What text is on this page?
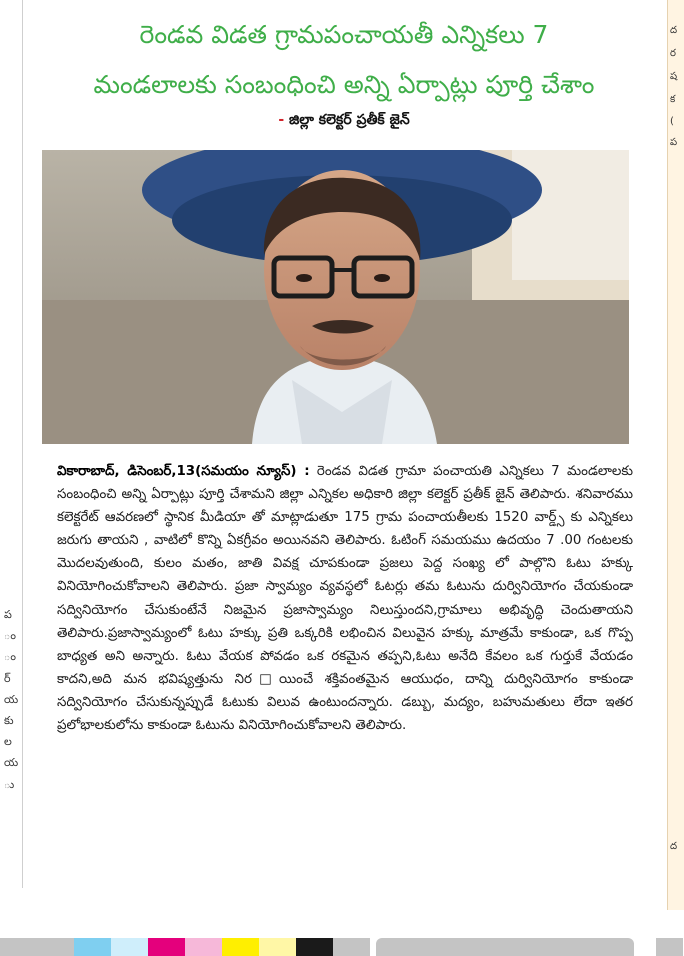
ప
ం
ం
ర్
య
కు
ల
య
ు
ద
ర
ష
క
(
ప
ద
రెండవ విడత గ్రామపంచాయతీ ఎన్నికలు 7
మండలాలకు సంబంధించి అన్ని ఏర్పాట్లు పూర్తి చేశాం
- జిల్లా కలెక్టర్ ప్రతీక్ జైన్

వికారాబాద్, డిసెంబర్,13(సమయం న్యూస్) : రెండవ విడత గ్రామా పంచాయతి ఎన్నికలు 7 మండలాలకు సంబంధించి అన్ని ఏర్పాట్లు పూర్తి చేశామని జిల్లా ఎన్నికల అధికారి జిల్లా కలెక్టర్ ప్రతీక్ జైన్ తెలిపారు. శనివారము కలెక్టరేట్ ఆవరణలో స్థానిక మీడియా తో మాట్లాడుతూ 175 గ్రామ పంచాయతీలకు 1520 వార్డ్స్ కు ఎన్నికలు జరుగు తాయని , వాటిలో కొన్ని ఏకగ్రీవం అయినవని తెలిపారు. ఓటింగ్ సమయము ఉదయం 7 .00 గంటలకు మొదలవుతుంది, కులం మతం, జాతి వివక్ష చూపకుండా ప్రజలు పెద్ద సంఖ్య లో పాల్గొని ఓటు హక్కు వినియోగించుకోవాలని తెలిపారు. ప్రజా స్వామ్యం వ్యవస్థలో ఓటర్లు తమ ఓటును దుర్వినియోగం చేయకుండా సద్వినియోగం చేసుకుంటేనే నిజమైన ప్రజాస్వామ్యం నిలుస్తుందని,గ్రామాలు అభివృద్ధి చెందుతాయని తెలిపారు.ప్రజాస్వామ్యంలో ఓటు హక్కు ప్రతి ఒక్కరికి లభించిన విలువైన హక్కు మాత్రమే కాకుండా, ఒక గొప్ప బాధ్యత అని అన్నారు. ఓటు వేయక పోవడం ఒక రకమైన తప్పని,ఓటు అనేది కేవలం ఒక గుర్తుకే వేయడం కాదని,అది మన భవిష్యత్తును నిర□యించే శక్తివంతమైన ఆయుధం, దాన్ని దుర్వినియోగం కాకుండా సద్వినియోగం చేసుకున్నప్పుడే ఓటుకు విలువ ఉంటుందన్నారు. డబ్బు, మద్యం, బహుమతులు లేదా ఇతర ప్రలోభాలకులోను కాకుండా ఓటును వినియోగించుకోవాలని తెలిపారు.
